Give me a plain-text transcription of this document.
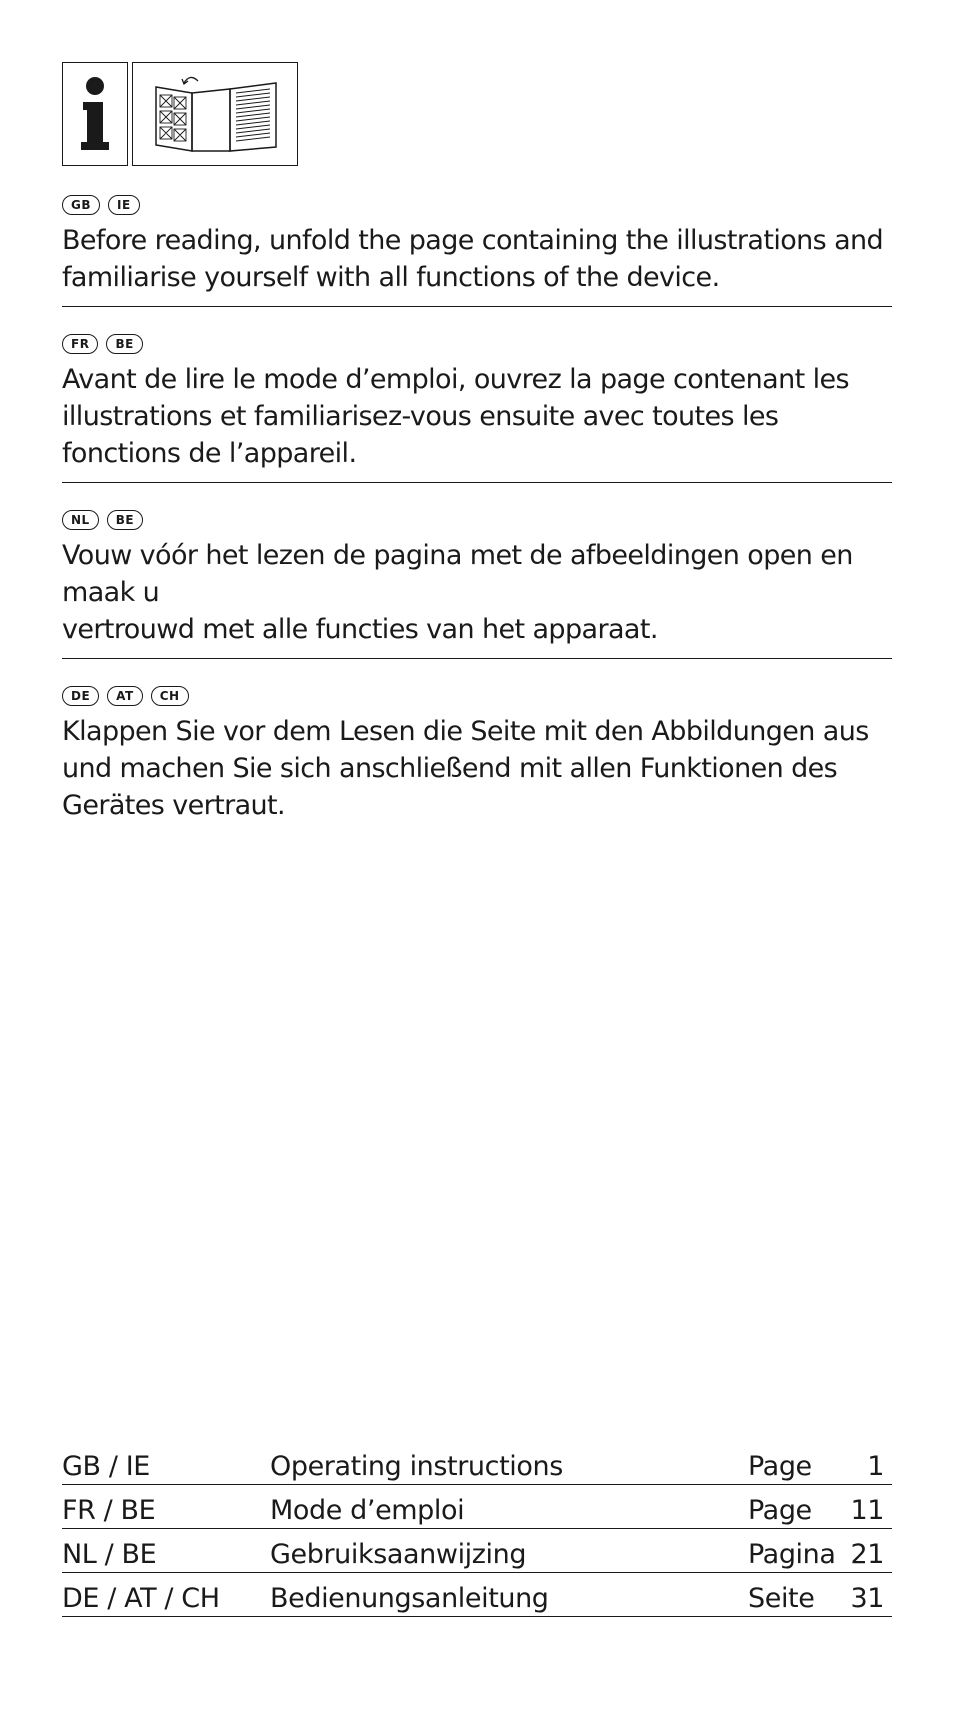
GB	IE

Before reading, unfold the page containing the illustrations and familiarise yourself with all functions of the device.

FR	BE

Avant de lire le mode d’emploi, ouvrez la page contenant les illustrations et familiarisez-vous ensuite avec toutes les fonctions de l’appareil.

NL	BE

Vouw vóór het lezen de pagina met de afbeeldingen open en maak u
vertrouwd met alle functies van het apparaat.

DE	AT	CH

Klappen Sie vor dem Lesen die Seite mit den Abbildungen aus und machen Sie sich anschließend mit allen Funktionen des Gerätes vertraut.

GB / IE	Operating instructions	Page	1
FR / BE	Mode d’emploi	Page	11
NL / BE	Gebruiksaanwijzing	Pagina 21
DE / AT / CH	Bedienungsanleitung	Seite	31
